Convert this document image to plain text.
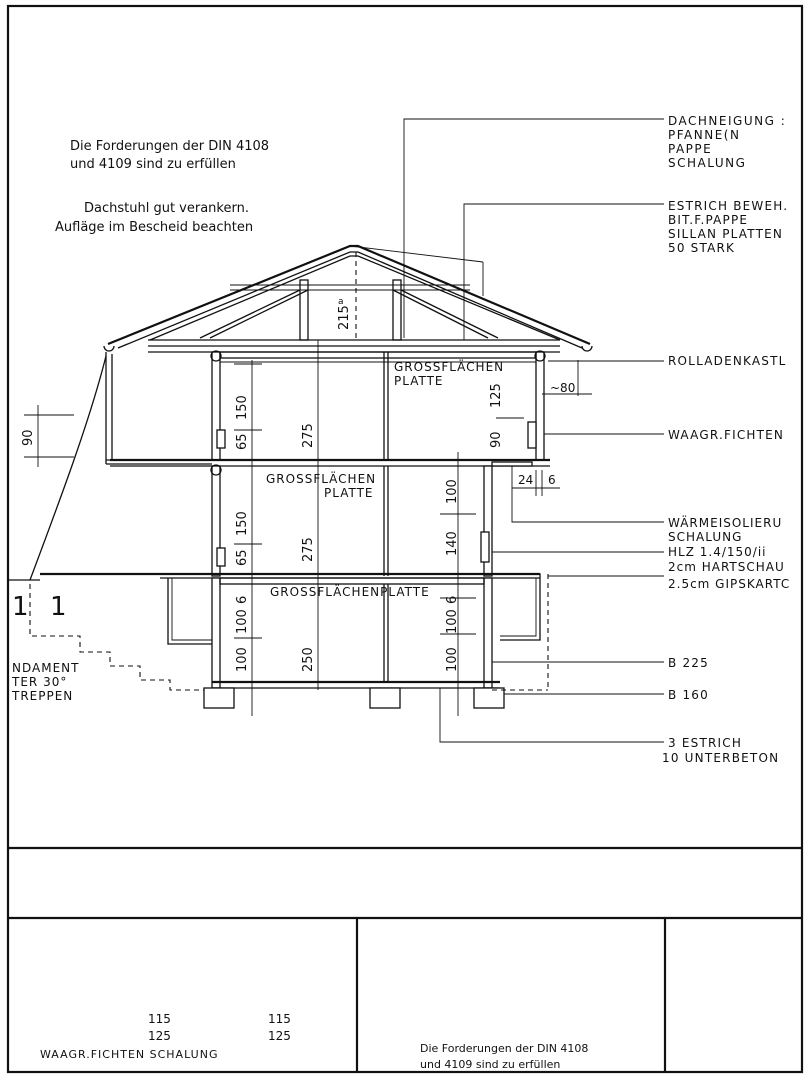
Die Forderungen der DIN 4108
und 4109 sind zu erfüllen
Dachstuhl gut verankern.
Aufläge im Bescheid beachten
215
a
90
150
65	275
125
90
150
65	275
100
140
6
100
100	250
6
100
100
~80
24 6
GROSSFLÄCHEN
PLATTE
GROSSFLÄCHEN
PLATTE
GROSSFLÄCHENPLATTE
DACHNEIGUNG :
PFANNE(N
PAPPE
SCHALUNG
ESTRICH BEWEH.
BIT.F.PAPPE
SILLAN PLATTEN
50 STARK
ROLLADENKASTL
WAAGR.FICHTEN
WÄRMEISOLIERU
SCHALUNG
HLZ 1.4/150/ii
2cm HARTSCHAU
2.5cm GIPSKARTC
B 225
B 160
3 ESTRICH
10 UNTERBETON
1 1
NDAMENT
TER 30°
TREPPEN
115
125
115
125
WAAGR.FICHTEN SCHALUNG	Die Forderungen der DIN 4108
und 4109 sind zu erfüllen
